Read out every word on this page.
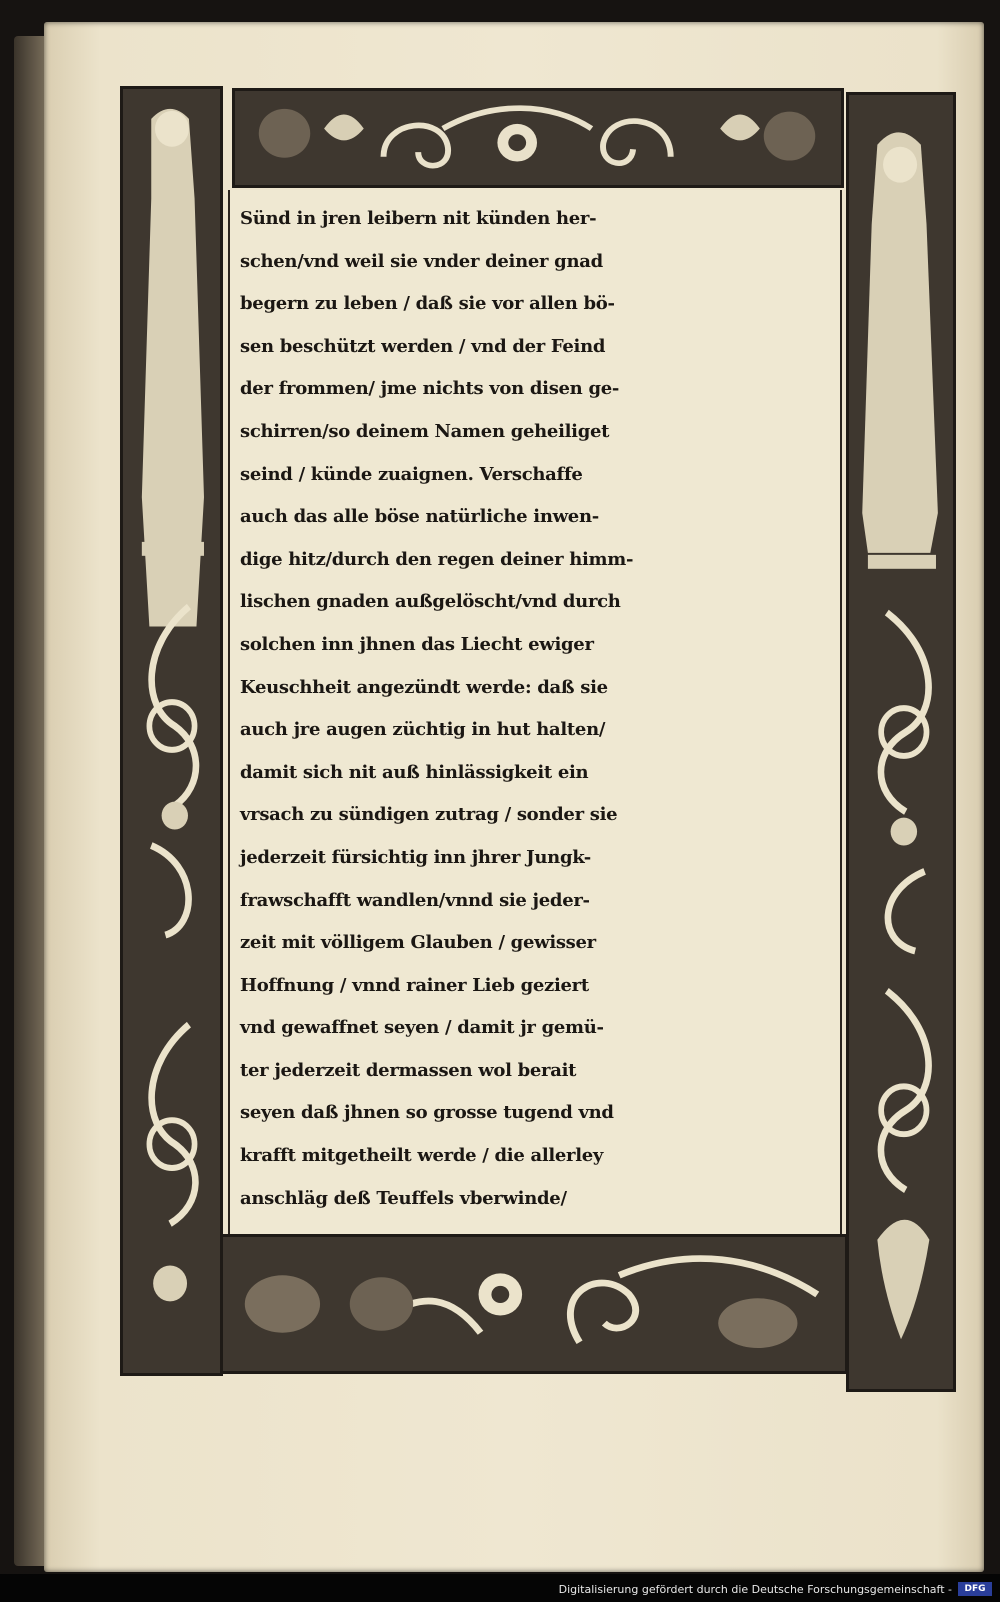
Sünd in jren leibern nit künden her-
schen/vnd weil sie vnder deiner gnad
begern zu leben / daß sie vor allen bö-
sen beschützt werden / vnd der Feind
der frommen/ jme nichts von disen ge-
schirren/so deinem Namen geheiliget
seind / künde zuaignen. Verschaffe
auch das alle böse natürliche inwen-
dige hitz/durch den regen deiner himm-
lischen gnaden außgelöscht/vnd durch
solchen inn jhnen das Liecht ewiger
Keuschheit angezündt werde: daß sie
auch jre augen züchtig in hut halten/
damit sich nit auß hinlässigkeit ein
vrsach zu sündigen zutrag / sonder sie
jederzeit fürsichtig inn jhrer Jungk-
frawschafft wandlen/vnnd sie jeder-
zeit mit völligem Glauben / gewisser
Hoffnung / vnnd rainer Lieb geziert
vnd gewaffnet seyen / damit jr gemü-
ter jederzeit dermassen wol berait
seyen daß jhnen so grosse tugend vnd
krafft mitgetheilt werde / die allerley
anschläg deß Teuffels vberwinde/
Digitalisierung gefördert durch die Deutsche Forschungsgemeinschaft -	DFG
